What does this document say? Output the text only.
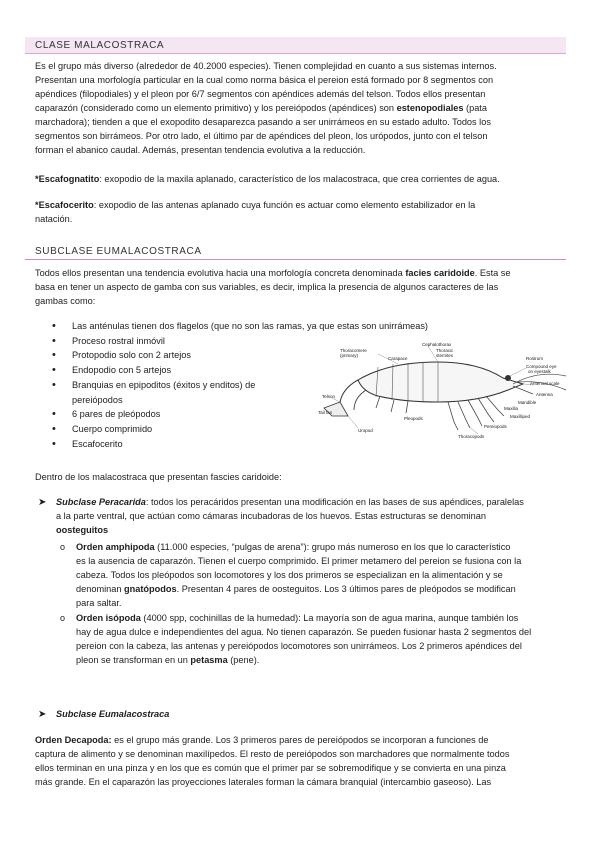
CLASE MALACOSTRACA

Es el grupo más diverso (alrededor de 40.2000 especies). Tienen complejidad en cuanto a sus sistemas internos.

Presentan una morfología particular en la cual como norma básica el pereion está formado por 8 segmentos con

apéndices (filopodiales) y el pleon por 6/7 segmentos con apéndices además del telson. Todos ellos presentan

caparazón (considerado como un elemento primitivo) y los pereiópodos (apéndices) son estenopodiales (pata

marchadora); tienden a que el exopodito desaparezca pasando a ser unirrámeos en su estado adulto. Todos los

segmentos son birrámeos. Por otro lado, el último par de apéndices del pleon, los urópodos, junto con el telson

forman el abanico caudal. Además, presentan tendencia evolutiva a la reducción.

*Escafognatito: exopodio de la maxila aplanado, característico de los malacostraca, que crea corrientes de agua.

*Escafocerito: exopodio de las antenas aplanado cuya función es actuar como elemento estabilizador en la

natación.

SUBCLASE EUMALACOSTRACA

Todos ellos presentan una tendencia evolutiva hacia una morfología concreta denominada facies caridoide. Esta se

basa en tener un aspecto de gamba con sus variables, es decir, implica la presencia de algunos caracteres de las

gambas como:

• Las anténulas tienen dos flagelos (que no son las ramas, ya que estas son unirrámeas)
• Proceso rostral inmóvil
• Protopodio solo con 2 artejos
• Endopodio con 5 artejos
• Branquias en epipoditos (éxitos y enditos) de
pereiópodos
• 6 pares de pleópodos
• Cuerpo comprimido
• Escafocerito
Thoracomere
(primary)
Cephalothorax
Thoracic
sternites
Carapace	Rostrum
Compound eye
on eyestalk
Antennal scale
Antenna
Mandible
Maxilla
Maxilliped
Telson
Tail fan
Uropod
Pleopods
Pereiopods
Thoracopods

Dentro de los malacostraca que presentan fascies caridoide:

➤ Subclase Peracarida: todos los peracáridos presentan una modificación en las bases de sus apéndices, paralelas

a la parte ventral, que actúan como cámaras incubadoras de los huevos. Estas estructuras se denominan

oosteguitos

o Orden amphipoda (11.000 especies, “pulgas de arena”): grupo más numeroso en los que lo característico

es la ausencia de caparazón. Tienen el cuerpo comprimido. El primer metamero del pereion se fusiona con la

cabeza. Todos los pleópodos son locomotores y los dos primeros se especializan en la alimentación y se

denominan gnatópodos. Presentan 4 pares de oosteguitos. Los 3 últimos pares de pleópodos se modifican

para saltar.

o Orden isópoda (4000 spp, cochinillas de la humedad): La mayoría son de agua marina, aunque también los

hay de agua dulce e independientes del agua. No tienen caparazón. Se pueden fusionar hasta 2 segmentos del

pereion con la cabeza, las antenas y pereiópodos locomotores son unirrámeos. Los 2 primeros apéndices del

pleon se transforman en un petasma (pene).

➤ Subclase Eumalacostraca

Orden Decapoda: es el grupo más grande. Los 3 primeros pares de pereiópodos se incorporan a funciones de

captura de alimento y se denominan maxilípedos. El resto de pereiópodos son marchadores que normalmente todos

ellos terminan en una pinza y en los que es común que el primer par se sobremodifique y se convierta en una pinza

más grande. En el caparazón las proyecciones laterales forman la cámara branquial (intercambio gaseoso). Las
